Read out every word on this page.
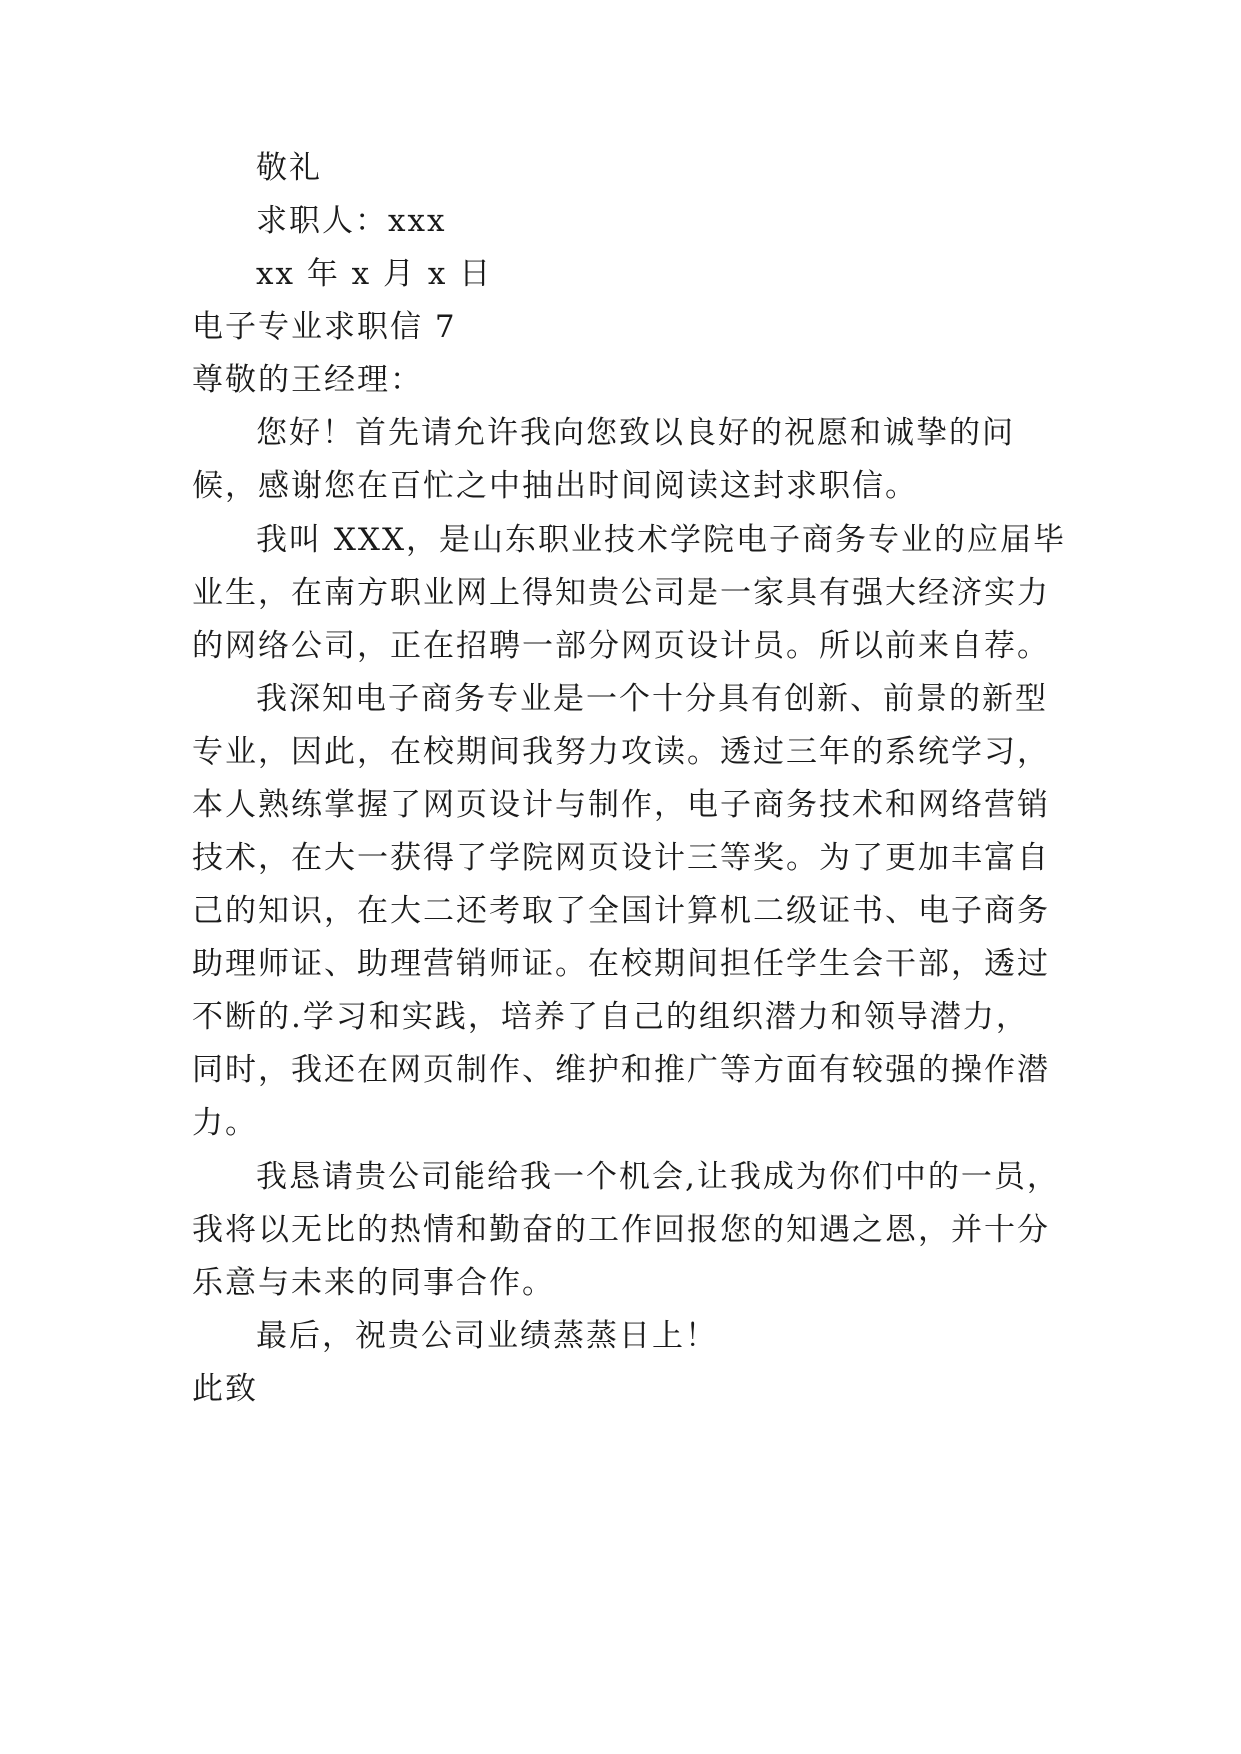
敬礼
求职人：xxx
xx 年 x 月 x 日
电子专业求职信 7
尊敬的王经理：
您好！首先请允许我向您致以良好的祝愿和诚挚的问
候，感谢您在百忙之中抽出时间阅读这封求职信。
我叫 XXX，是山东职业技术学院电子商务专业的应届毕
业生，在南方职业网上得知贵公司是一家具有强大经济实力
的网络公司，正在招聘一部分网页设计员。所以前来自荐。
我深知电子商务专业是一个十分具有创新、前景的新型
专业，因此，在校期间我努力攻读。透过三年的系统学习，
本人熟练掌握了网页设计与制作，电子商务技术和网络营销
技术，在大一获得了学院网页设计三等奖。为了更加丰富自
己的知识，在大二还考取了全国计算机二级证书、电子商务
助理师证、助理营销师证。在校期间担任学生会干部，透过
不断的.学习和实践，培养了自己的组织潜力和领导潜力，
同时，我还在网页制作、维护和推广等方面有较强的操作潜
力。
我恳请贵公司能给我一个机会,让我成为你们中的一员，
我将以无比的热情和勤奋的工作回报您的知遇之恩，并十分
乐意与未来的同事合作。
最后，祝贵公司业绩蒸蒸日上！
此致
